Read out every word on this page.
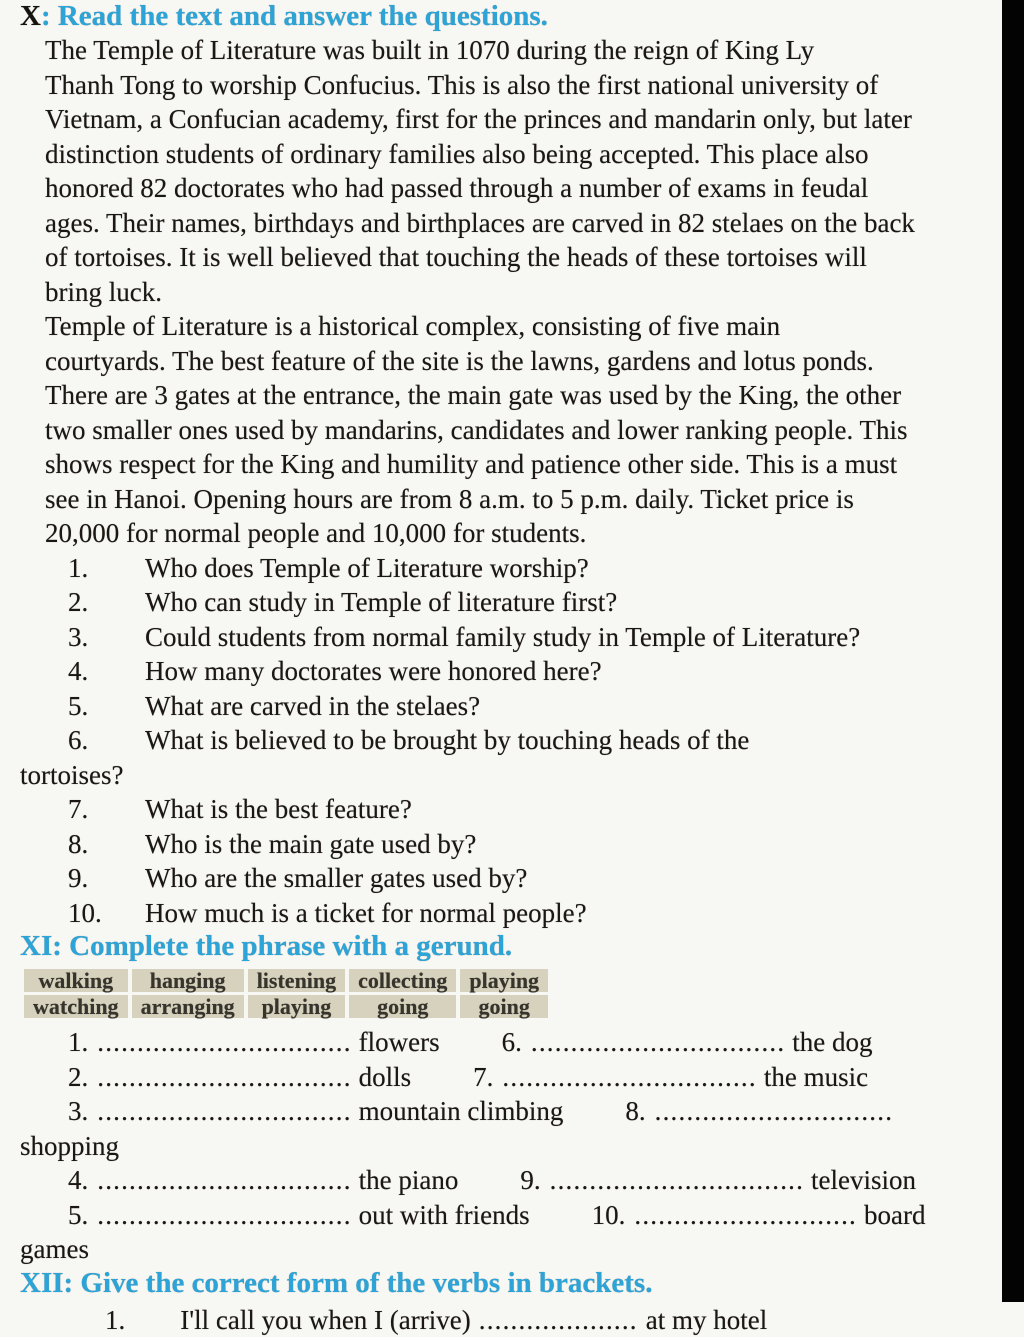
X: Read the text and answer the questions.
The Temple of Literature was built in 1070 during the reign of King Ly
Thanh Tong to worship Confucius. This is also the first national university of
Vietnam, a Confucian academy, first for the princes and mandarin only, but later
distinction students of ordinary families also being accepted. This place also
honored 82 doctorates who had passed through a number of exams in feudal
ages. Their names, birthdays and birthplaces are carved in 82 stelaes on the back
of tortoises. It is well believed that touching the heads of these tortoises will
bring luck.
Temple of Literature is a historical complex, consisting of five main
courtyards. The best feature of the site is the lawns, gardens and lotus ponds.
There are 3 gates at the entrance, the main gate was used by the King, the other
two smaller ones used by mandarins, candidates and lower ranking people. This
shows respect for the King and humility and patience other side. This is a must
see in Hanoi. Opening hours are from 8 a.m. to 5 p.m. daily. Ticket price is
20,000 for normal people and 10,000 for students.
1.	Who does Temple of Literature worship?
2.	Who can study in Temple of literature first?
3.	Could students from normal family study in Temple of Literature?
4.	How many doctorates were honored here?
5.	What are carved in the stelaes?
6.	What is believed to be brought by touching heads of the
tortoises?
7.	What is the best feature?
8.	Who is the main gate used by?
9.	Who are the smaller gates used by?
10.	How much is a ticket for normal people?
XI: Complete the phrase with a gerund.
walking	hanging	listening	collecting	playing
watching	arranging	playing	going	going
1. ................................ flowers 6. ................................ the dog
2. ................................ dolls 7. ................................ the music
3. ................................ mountain climbing 8. ..............................
shopping
4. ................................ the piano 9. ................................ television
5. ................................ out with friends 10. ............................ board
games
XII: Give the correct form of the verbs in brackets.
1. I'll call you when I (arrive) .................... at my hotel
